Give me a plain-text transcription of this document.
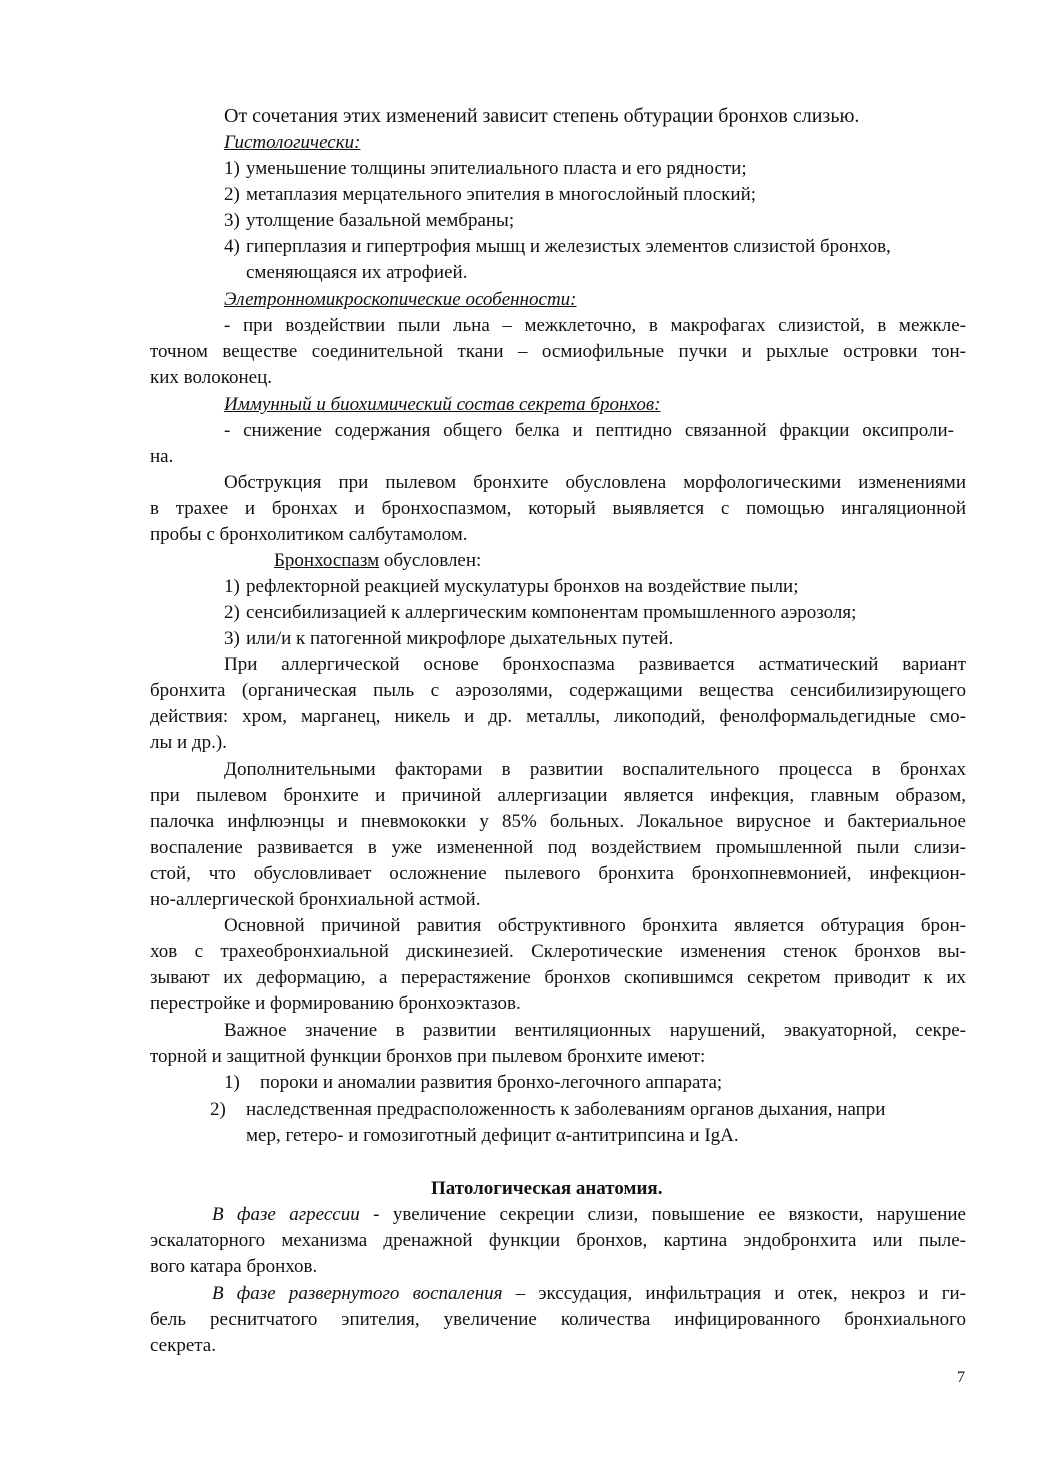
От сочетания этих изменений зависит степень обтурации бронхов слизью.
Гистологически:
1) уменьшение толщины эпителиального пласта и его рядности;
2) метаплазия мерцательного эпителия в многослойный плоский;
3) утолщение базальной мембраны;
4) гиперплазия и гипертрофия мышц и железистых элементов слизистой бронхов,
сменяющаяся их атрофией.
Элетронномикроскопические особенности:
- при воздействии пыли льна – межклеточно, в макрофагах слизистой, в межкле-
точном веществе соединительной ткани – осмиофильные пучки и рыхлые островки тон-
ких волоконец.
Иммунный и биохимический состав секрета бронхов:
- снижение содержания общего белка и пептидно связанной фракции оксипроли-
на.
Обструкция при пылевом бронхите обусловлена морфологическими изменениями
в трахее и бронхах и бронхоспазмом, который выявляется с помощью ингаляционной
пробы с бронхолитиком салбутамолом.
Бронхоспазм обусловлен:
1) рефлекторной реакцией мускулатуры бронхов на воздействие пыли;
2) сенсибилизацией к аллергическим компонентам промышленного аэрозоля;
3) или/и к патогенной микрофлоре дыхательных путей.
При аллергической основе бронхоспазма развивается астматический вариант
бронхита (органическая пыль с аэрозолями, содержащими вещества сенсибилизирующего
действия: хром, марганец, никель и др. металлы, ликоподий, фенолформальдегидные смо-
лы и др.).
Дополнительными факторами в развитии воспалительного процесса в бронхах
при пылевом бронхите и причиной аллергизации является инфекция, главным образом,
палочка инфлюэнцы и пневмококки у 85% больных. Локальное вирусное и бактериальное
воспаление развивается в уже измененной под воздействием промышленной пыли слизи-
стой, что обусловливает осложнение пылевого бронхита бронхопневмонией, инфекцион-
но-аллергической бронхиальной астмой.
Основной причиной равития обструктивного бронхита является обтурация брон-
хов с трахеобронхиальной дискинезией. Склеротические изменения стенок бронхов вы-
зывают их деформацию, а перерастяжение бронхов скопившимся секретом приводит к их
перестройке и формированию бронхоэктазов.
Важное значение в развитии вентиляционных нарушений, эвакуаторной, секре-
торной и защитной функции бронхов при пылевом бронхите имеют:
1) пороки и аномалии развития бронхо-легочного аппарата;
2) наследственная предрасположенность к заболеваниям органов дыхания, напри
мер, гетеро- и гомозиготный дефицит α-антитрипсина и IgA.
Патологическая анатомия.
В фазе агрессии - увеличение секреции слизи, повышение ее вязкости, нарушение
эскалаторного механизма дренажной функции бронхов, картина эндобронхита или пыле-
вого катара бронхов.
В фазе развернутого воспаления – экссудация, инфильтрация и отек, некроз и ги-
бель реснитчатого эпителия, увеличение количества инфицированного бронхиального
секрета.
7
